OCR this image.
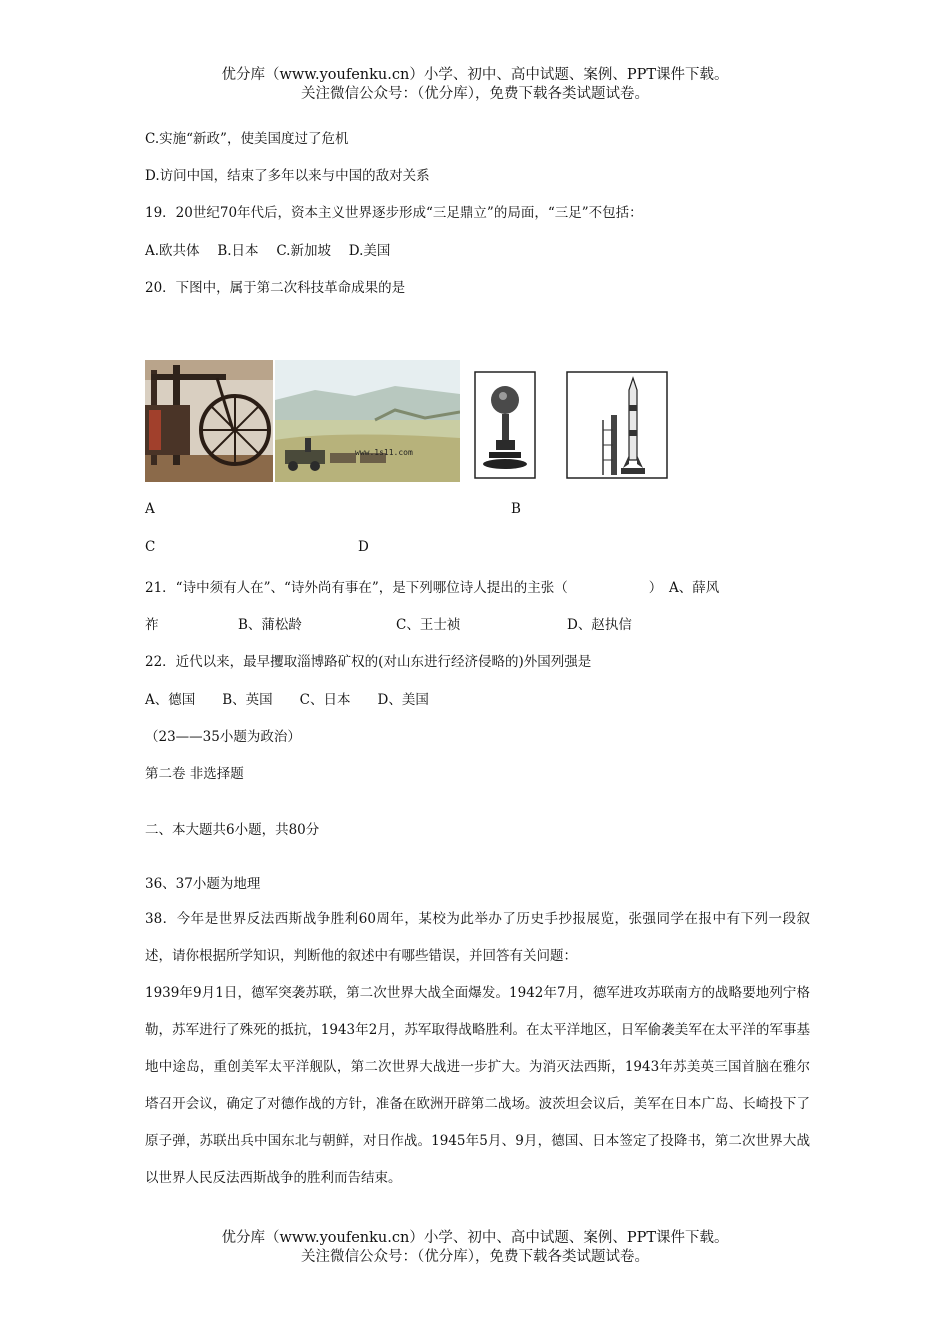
优分库（www.youfenku.cn）小学、初中、高中试题、案例、PPT课件下载。
关注微信公众号：（优分库），免费下载各类试题试卷。
C.实施“新政”，使美国度过了危机
D.访问中国，结束了多年以来与中国的敌对关系
19．20世纪70年代后，资本主义世界逐步形成“三足鼎立”的局面，“三足”不包括：
A.欧共体　 B.日本　 C.新加坡　 D.美国
20．下图中，属于第二次科技革命成果的是
www.1s11.com
A	B
C	D
21．“诗中须有人在”、“诗外尚有事在”，是下列哪位诗人提出的主张（　　　　　　）　A、薛风
祚	B、蒲松龄	C、王士祯	D、赵执信
22．近代以来，最早攫取淄博路矿权的(对山东进行经济侵略的)外国列强是
A、德国　　B、英国　　C、日本　　D、美国
（23——35小题为政治）
第二卷 非选择题
二、本大题共6小题，共80分
36、37小题为地理
38．今年是世界反法西斯战争胜利60周年，某校为此举办了历史手抄报展览，张强同学在报中有下列一段叙述，请你根据所学知识，判断他的叙述中有哪些错误，并回答有关问题：
1939年9月1日，德军突袭苏联，第二次世界大战全面爆发。1942年7月，德军进攻苏联南方的战略要地列宁格勒，苏军进行了殊死的抵抗，1943年2月，苏军取得战略胜利。在太平洋地区，日军偷袭美军在太平洋的军事基地中途岛，重创美军太平洋舰队，第二次世界大战进一步扩大。为消灭法西斯，1943年苏美英三国首脑在雅尔塔召开会议，确定了对德作战的方针，准备在欧洲开辟第二战场。波茨坦会议后，美军在日本广岛、长崎投下了原子弹，苏联出兵中国东北与朝鲜，对日作战。1945年5月、9月，德国、日本签定了投降书，第二次世界大战以世界人民反法西斯战争的胜利而告结束。
优分库（www.youfenku.cn）小学、初中、高中试题、案例、PPT课件下载。
关注微信公众号：（优分库），免费下载各类试题试卷。
